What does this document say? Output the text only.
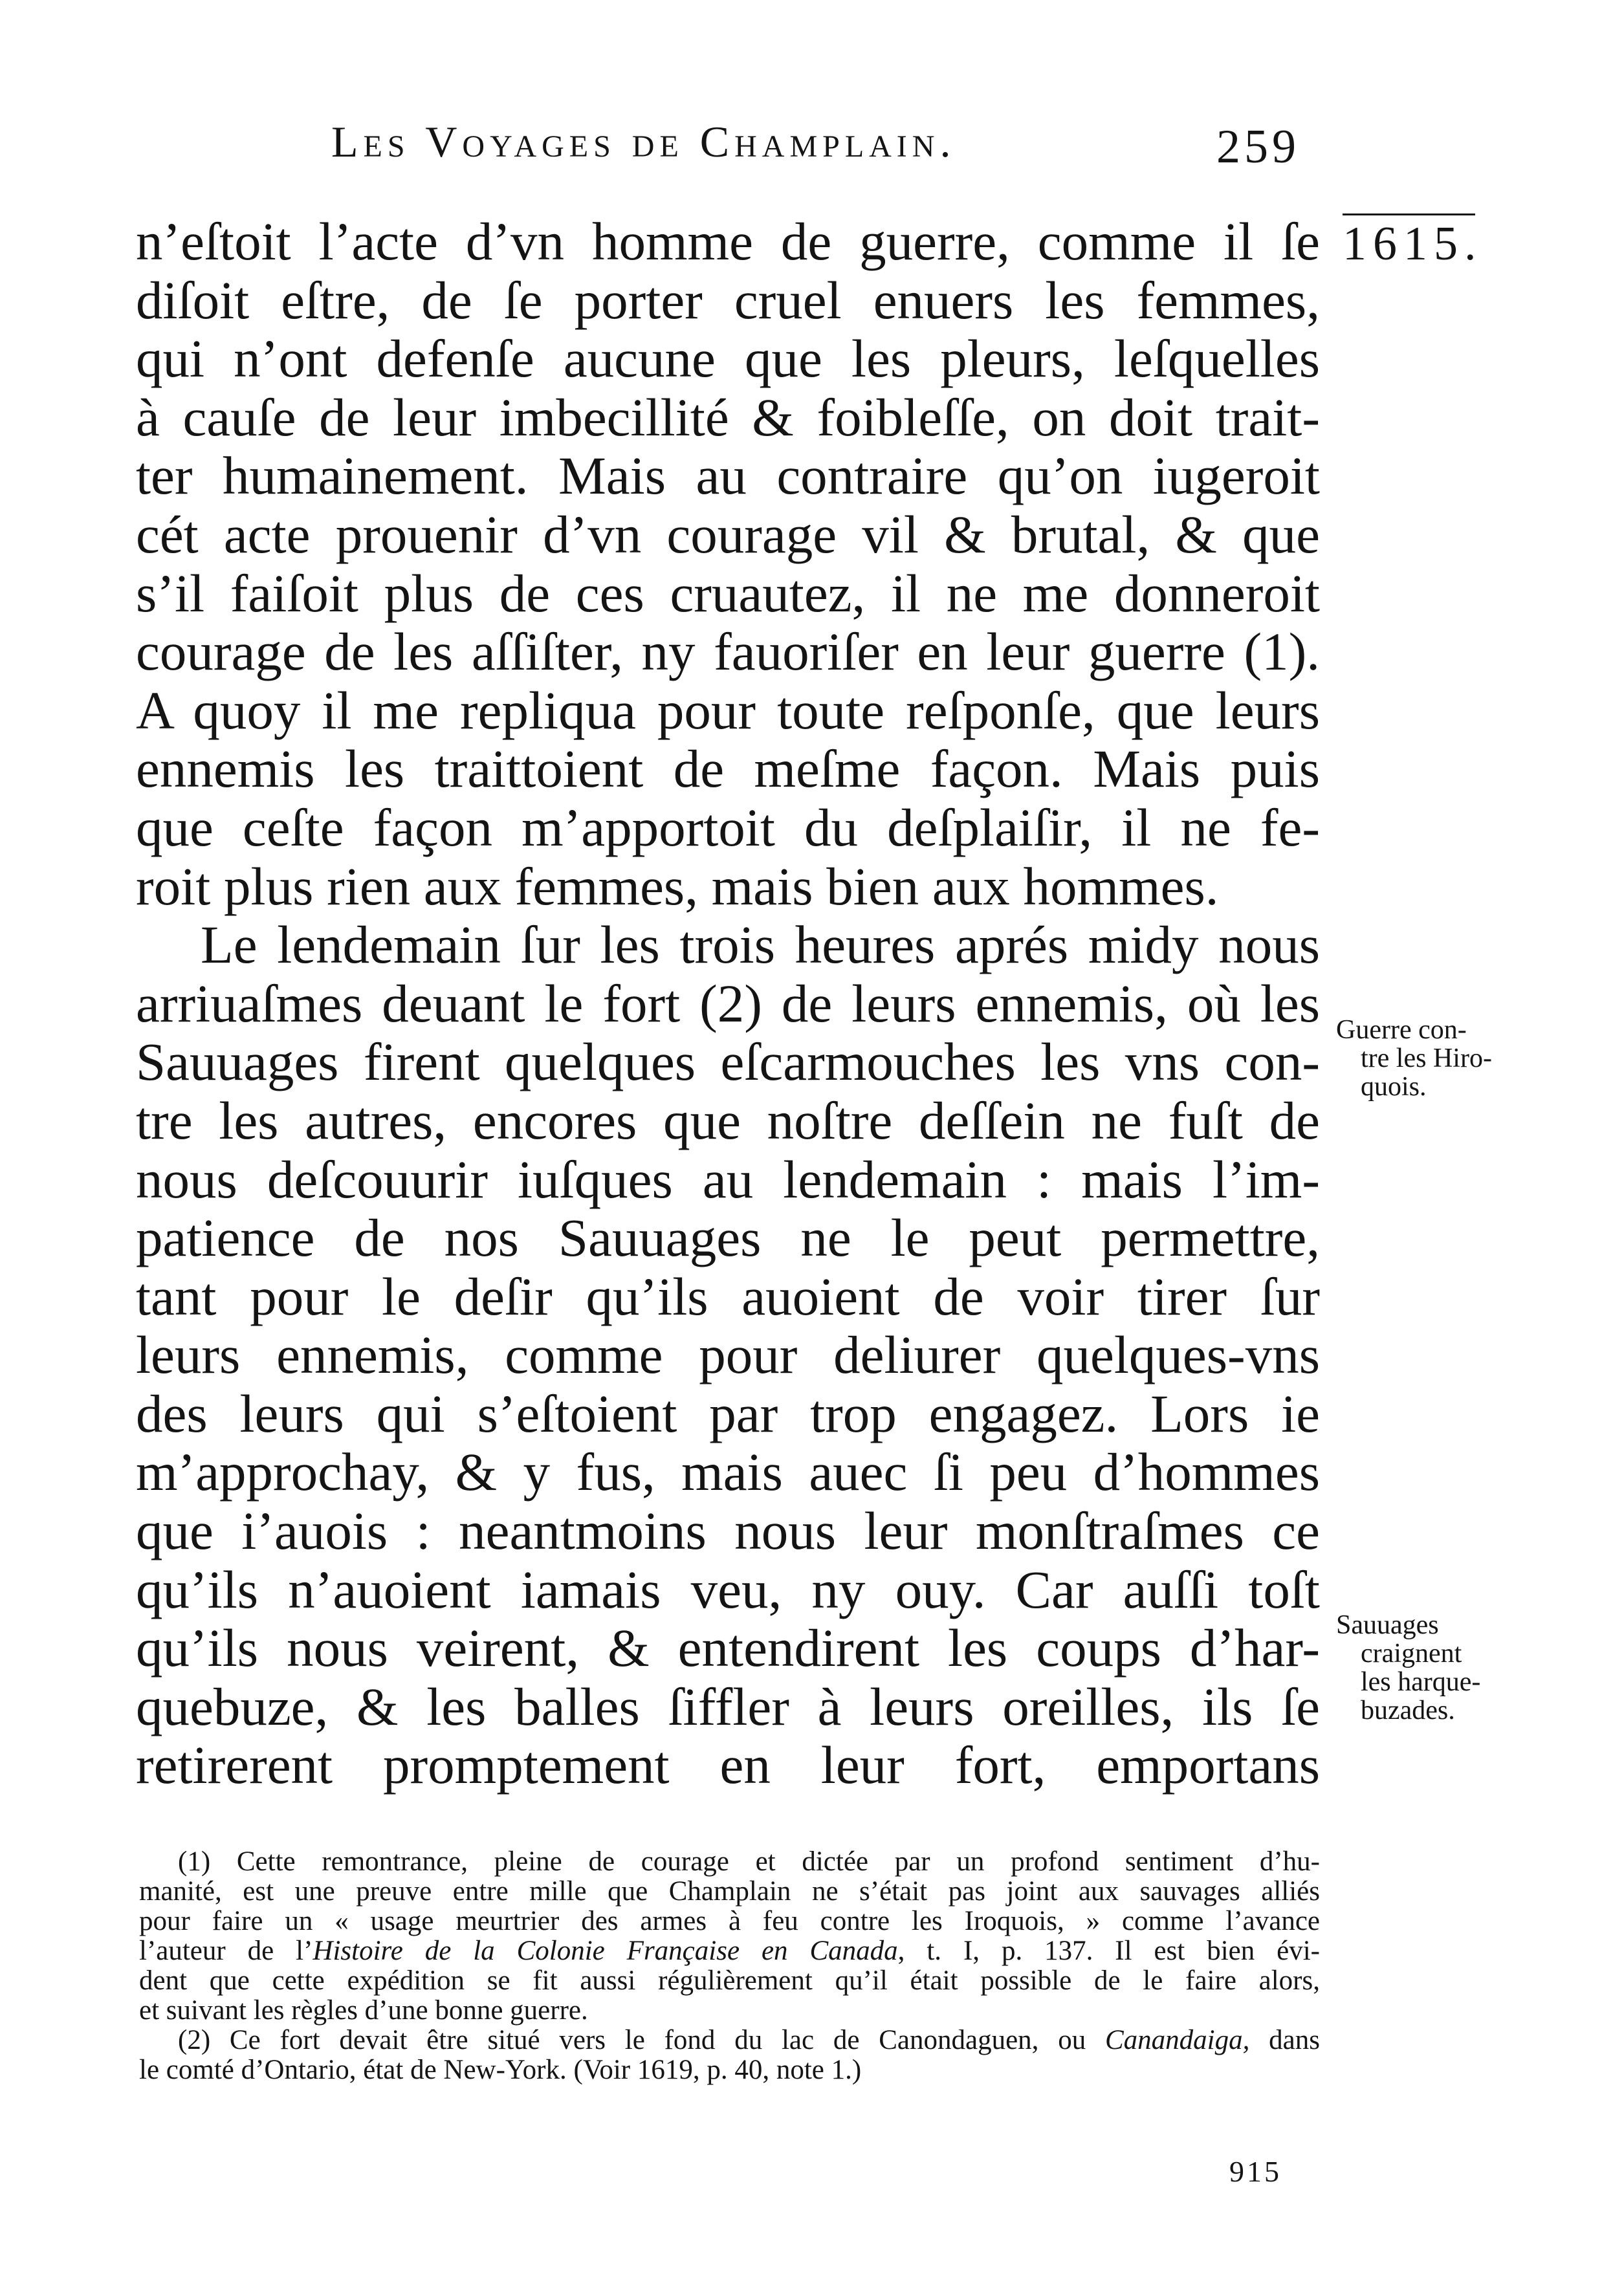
Les Voyages de Champlain.	259
1615.
n’eſtoit l’acte d’vn homme de guerre, comme il ſe
diſoit eſtre, de ſe porter cruel enuers les femmes,
qui n’ont defenſe aucune que les pleurs, leſquelles
à cauſe de leur imbecillité & foibleſſe, on doit trait-
ter humainement. Mais au contraire qu’on iugeroit
cét acte prouenir d’vn courage vil & brutal, & que
s’il faiſoit plus de ces cruautez, il ne me donneroit
courage de les aſſiſter, ny fauoriſer en leur guerre (1).
A quoy il me repliqua pour toute reſponſe, que leurs
ennemis les traittoient de meſme façon. Mais puis
que ceſte façon m’apportoit du deſplaiſir, il ne fe-
roit plus rien aux femmes, mais bien aux hommes.
Le lendemain ſur les trois heures aprés midy nous
arriuaſmes deuant le fort (2) de leurs ennemis, où les
Sauuages firent quelques eſcarmouches les vns con-
tre les autres, encores que noſtre deſſein ne fuſt de
nous deſcouurir iuſques au lendemain : mais l’im-
patience de nos Sauuages ne le peut permettre,
tant pour le deſir qu’ils auoient de voir tirer ſur
leurs ennemis, comme pour deliurer quelques-vns
des leurs qui s’eſtoient par trop engagez. Lors ie
m’approchay, & y fus, mais auec ſi peu d’hommes
que i’auois : neantmoins nous leur monſtraſmes ce
qu’ils n’auoient iamais veu, ny ouy. Car auſſi toſt
qu’ils nous veirent, & entendirent les coups d’har-
quebuze, & les balles ſiffler à leurs oreilles, ils ſe
retirerent promptement en leur fort, emportans
Guerre con-
tre les Hiro-
quois.
Sauuages
craignent
les harque-
buzades.
(1) Cette remontrance, pleine de courage et dictée par un profond sentiment d’hu-
manité, est une preuve entre mille que Champlain ne s’était pas joint aux sauvages alliés
pour faire un « usage meurtrier des armes à feu contre les Iroquois, » comme l’avance
l’auteur de l’Histoire de la Colonie Française en Canada, t. I, p. 137. Il est bien évi-
dent que cette expédition se fit aussi régulièrement qu’il était possible de le faire alors,
et suivant les règles d’une bonne guerre.
(2) Ce fort devait être situé vers le fond du lac de Canondaguen, ou Canandaiga, dans
le comté d’Ontario, état de New-York. (Voir 1619, p. 40, note 1.)
915
